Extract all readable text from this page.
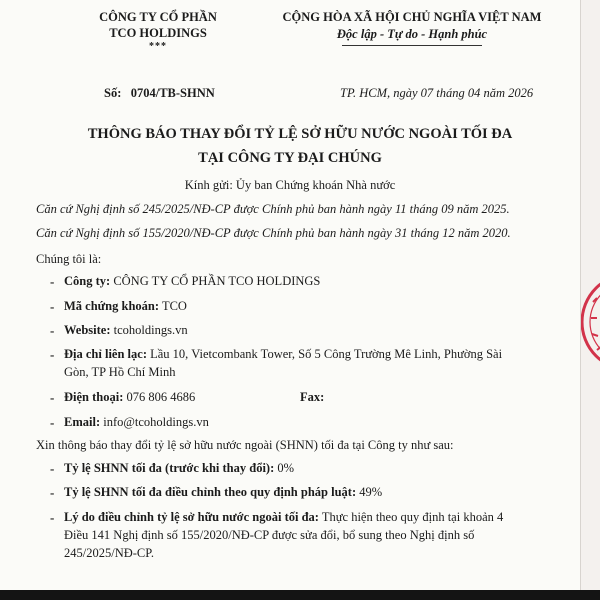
CÔNG TY CỔ PHẦN
TCO HOLDINGS
***
CỘNG HÒA XÃ HỘI CHỦ NGHĨA VIỆT NAM
Độc lập - Tự do - Hạnh phúc
Số: 0704/TB-SHNN	TP. HCM, ngày 07 tháng 04 năm 2026
THÔNG BÁO THAY ĐỔI TỶ LỆ SỞ HỮU NƯỚC NGOÀI TỐI ĐA
TẠI CÔNG TY ĐẠI CHÚNG
Kính gửi: Ủy ban Chứng khoán Nhà nước
Căn cứ Nghị định số 245/2025/NĐ-CP được Chính phủ ban hành ngày 11 tháng 09 năm 2025.
Căn cứ Nghị định số 155/2020/NĐ-CP được Chính phủ ban hành ngày 31 tháng 12 năm 2020.
Chúng tôi là:
- Công ty: CÔNG TY CỔ PHẦN TCO HOLDINGS
- Mã chứng khoán: TCO
- Website: tcoholdings.vn
- Địa chỉ liên lạc: Lầu 10, Vietcombank Tower, Số 5 Công Trường Mê Linh, Phường Sài
Gòn, TP Hồ Chí Minh
- Điện thoại: 076 806 4686	Fax:
- Email: info@tcoholdings.vn
Xin thông báo thay đổi tỷ lệ sở hữu nước ngoài (SHNN) tối đa tại Công ty như sau:
- Tỷ lệ SHNN tối đa (trước khi thay đổi): 0%
- Tỷ lệ SHNN tối đa điều chỉnh theo quy định pháp luật: 49%
- Lý do điều chỉnh tỷ lệ sở hữu nước ngoài tối đa: Thực hiện theo quy định tại khoản 4
Điều 141 Nghị định số 155/2020/NĐ-CP được sửa đổi, bổ sung theo Nghị định số
245/2025/NĐ-CP.
